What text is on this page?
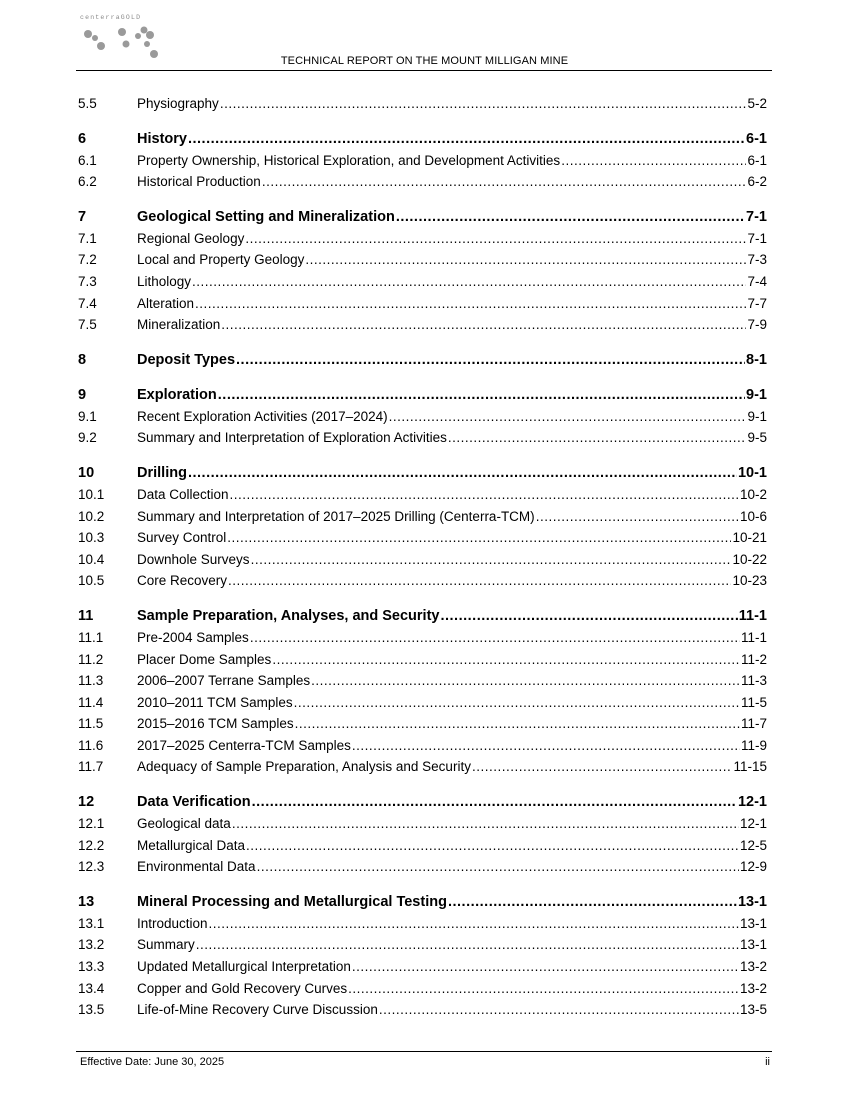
centerraGOLD
TECHNICAL REPORT ON THE MOUNT MILLIGAN MINE
5.5	Physiography .....	5-2
6	History .....	6-1
6.1	Property Ownership, Historical Exploration, and Development Activities .....	6-1
6.2	Historical Production .....	6-2
7	Geological Setting and Mineralization .....	7-1
7.1	Regional Geology .....	7-1
7.2	Local and Property Geology .....	7-3
7.3	Lithology .....	7-4
7.4	Alteration .....	7-7
7.5	Mineralization .....	7-9
8	Deposit Types .....	8-1
9	Exploration .....	9-1
9.1	Recent Exploration Activities (2017–2024) .....	9-1
9.2	Summary and Interpretation of Exploration Activities .....	9-5
10	Drilling .....	10-1
10.1	Data Collection .....	10-2
10.2	Summary and Interpretation of 2017–2025 Drilling (Centerra-TCM) .....	10-6
10.3	Survey Control .....	10-21
10.4	Downhole Surveys .....	10-22
10.5	Core Recovery .....	10-23
11	Sample Preparation, Analyses, and Security .....	11-1
11.1	Pre-2004 Samples .....	11-1
11.2	Placer Dome Samples .....	11-2
11.3	2006–2007 Terrane Samples .....	11-3
11.4	2010–2011 TCM Samples .....	11-5
11.5	2015–2016 TCM Samples .....	11-7
11.6	2017–2025 Centerra-TCM Samples .....	11-9
11.7	Adequacy of Sample Preparation, Analysis and Security .....	11-15
12	Data Verification .....	12-1
12.1	Geological data .....	12-1
12.2	Metallurgical Data .....	12-5
12.3	Environmental Data .....	12-9
13	Mineral Processing and Metallurgical Testing .....	13-1
13.1	Introduction .....	13-1
13.2	Summary .....	13-1
13.3	Updated Metallurgical Interpretation .....	13-2
13.4	Copper and Gold Recovery Curves .....	13-2
13.5	Life-of-Mine Recovery Curve Discussion .....	13-5
Effective Date: June 30, 2025	ii
